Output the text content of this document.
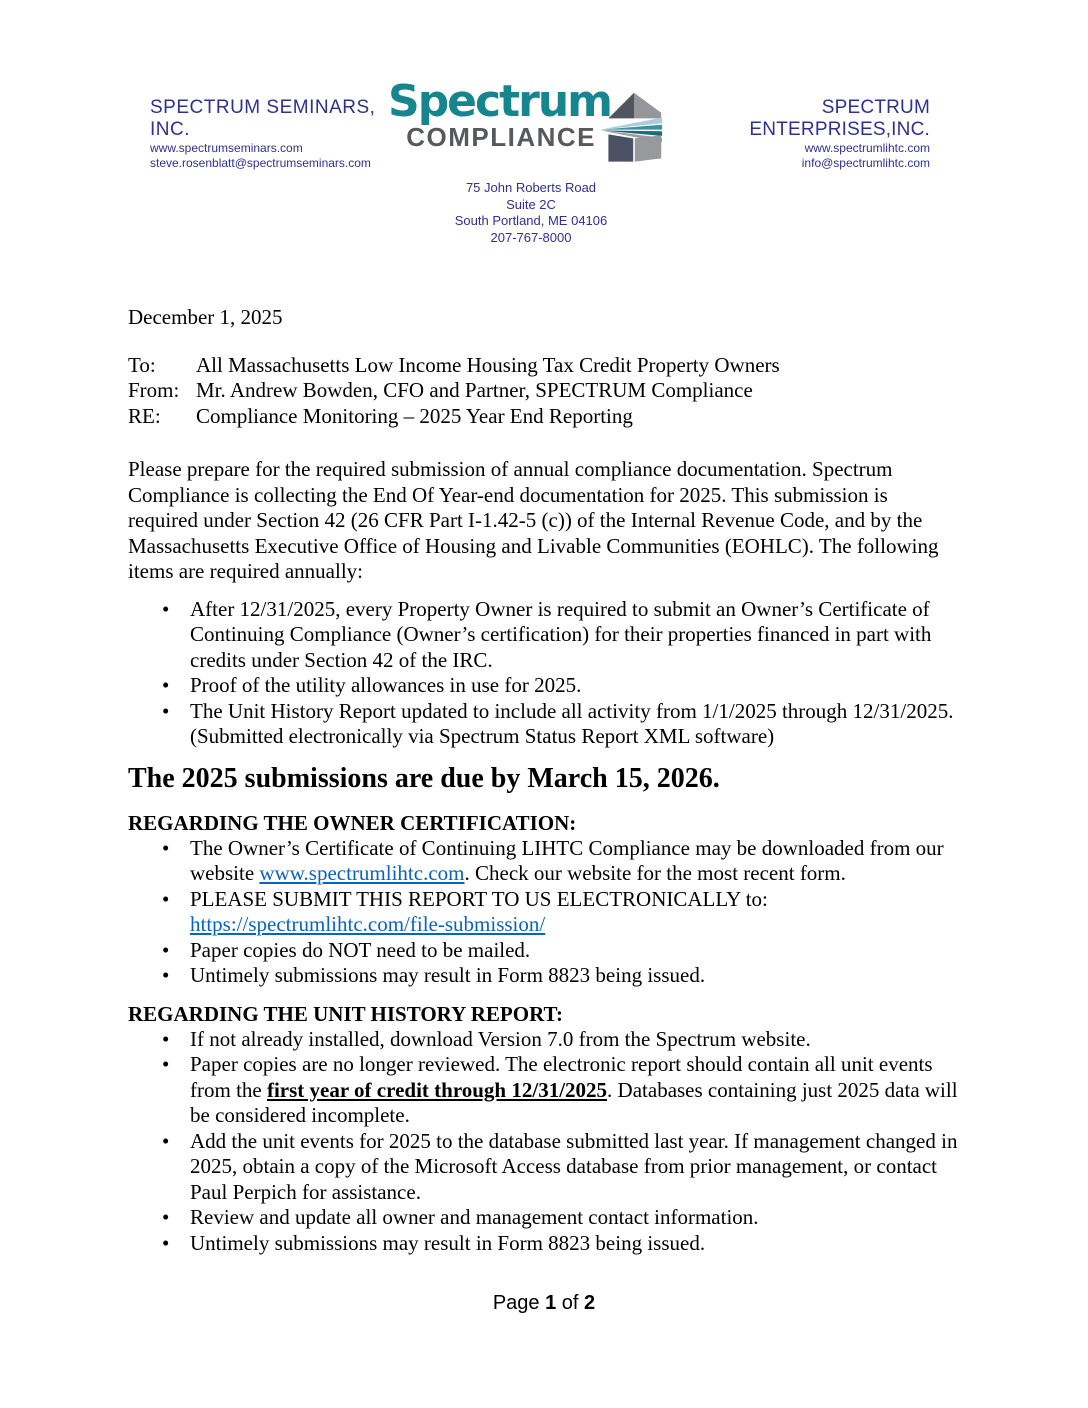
SPECTRUM SEMINARS, INC.
www.spectrumseminars.com
steve.rosenblatt@spectrumseminars.com
Spectrum
COMPLIANCE
SPECTRUM ENTERPRISES,INC.
www.spectrumlihtc.com
info@spectrumlihtc.com
75 John Roberts Road
Suite 2C
South Portland, ME 04106
207-767-8000
December 1, 2025
To:	All Massachusetts Low Income Housing Tax Credit Property Owners
From: Mr. Andrew Bowden, CFO and Partner, SPECTRUM Compliance
RE:	Compliance Monitoring – 2025 Year End Reporting
Please prepare for the required submission of annual compliance documentation. Spectrum Compliance is collecting the End Of Year-end documentation for 2025. This submission is required under Section 42 (26 CFR Part I-1.42-5 (c)) of the Internal Revenue Code, and by the Massachusetts Executive Office of Housing and Livable Communities (EOHLC). The following items are required annually:
• After 12/31/2025, every Property Owner is required to submit an Owner’s Certificate of Continuing Compliance (Owner’s certification) for their properties financed in part with credits under Section 42 of the IRC.
• Proof of the utility allowances in use for 2025.
• The Unit History Report updated to include all activity from 1/1/2025 through 12/31/2025. (Submitted electronically via Spectrum Status Report XML software)
The 2025 submissions are due by March 15, 2026.
REGARDING THE OWNER CERTIFICATION:
• The Owner’s Certificate of Continuing LIHTC Compliance may be downloaded from our website www.spectrumlihtc.com. Check our website for the most recent form.
• PLEASE SUBMIT THIS REPORT TO US ELECTRONICALLY to:
https://spectrumlihtc.com/file-submission/
• Paper copies do NOT need to be mailed.
• Untimely submissions may result in Form 8823 being issued.
REGARDING THE UNIT HISTORY REPORT:
• If not already installed, download Version 7.0 from the Spectrum website.
• Paper copies are no longer reviewed. The electronic report should contain all unit events from the first year of credit through 12/31/2025. Databases containing just 2025 data will be considered incomplete.
• Add the unit events for 2025 to the database submitted last year. If management changed in 2025, obtain a copy of the Microsoft Access database from prior management, or contact Paul Perpich for assistance.
• Review and update all owner and management contact information.
• Untimely submissions may result in Form 8823 being issued.
Page 1 of 2
